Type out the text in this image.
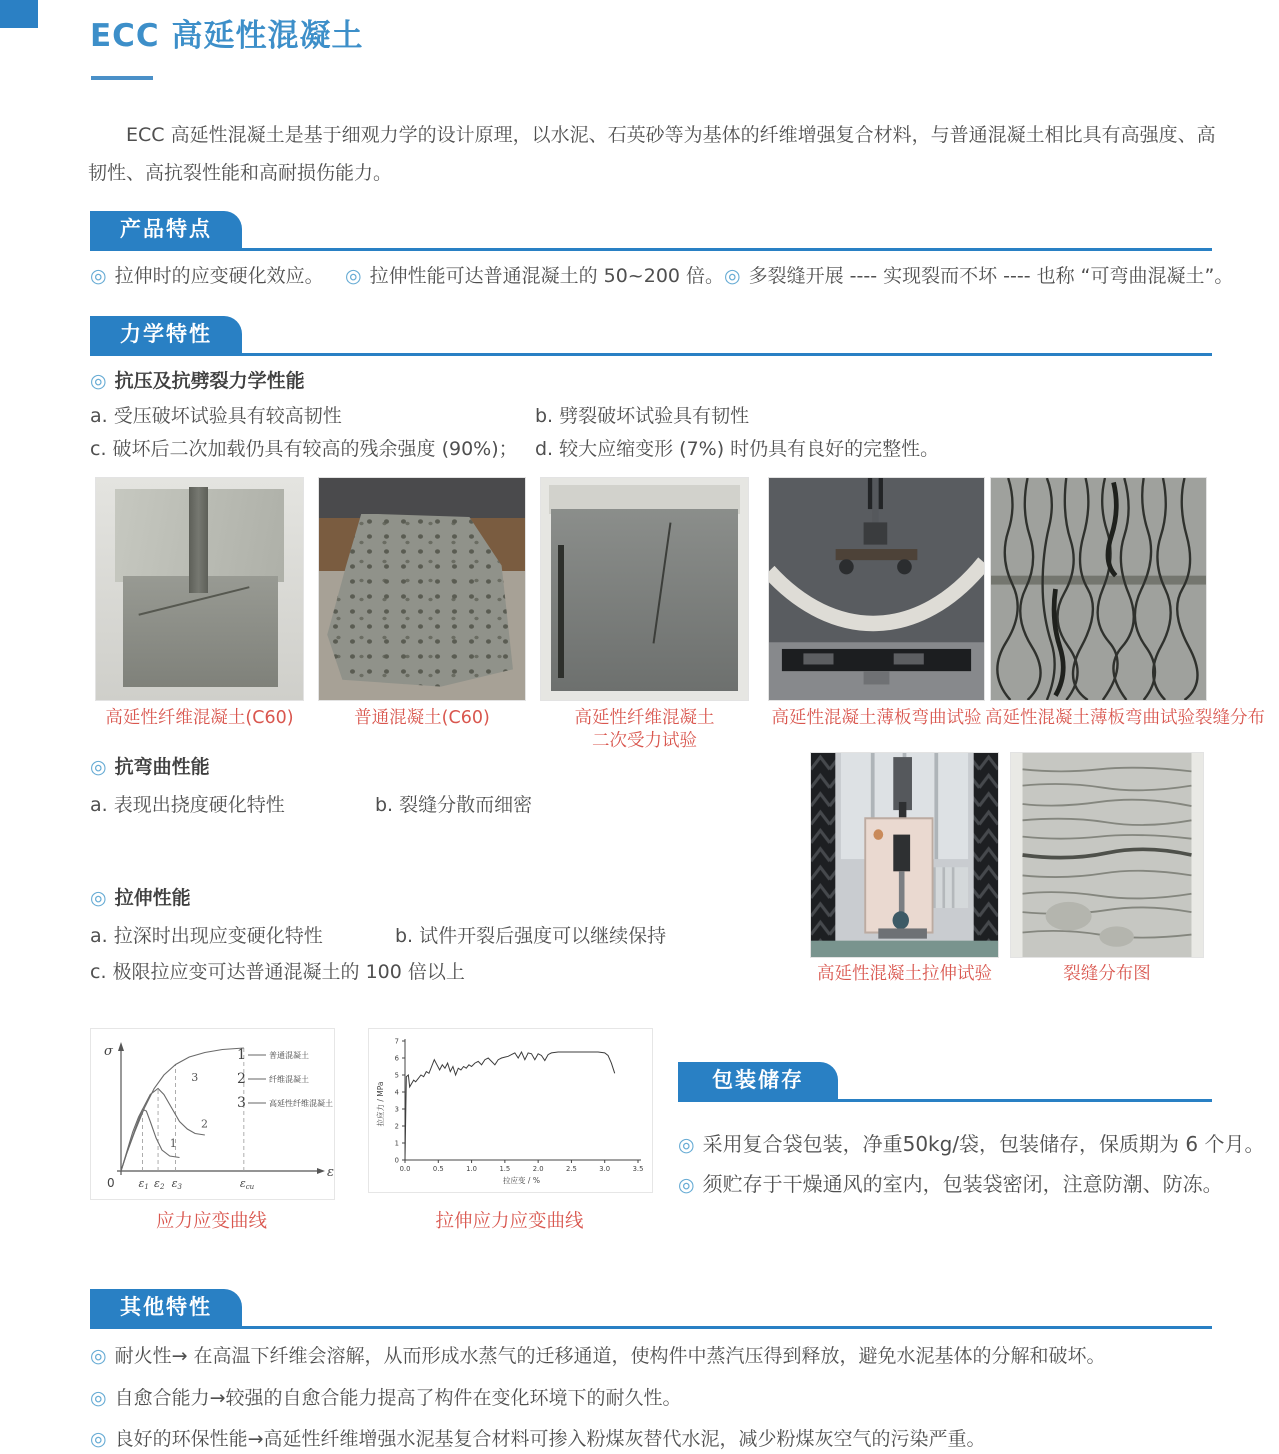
ECC 高延性混凝土

ECC 高延性混凝土是基于细观力学的设计原理，以水泥、石英砂等为基体的纤维增强复合材料，与普通混凝土相比具有高强度、高韧性、高抗裂性能和高耐损伤能力。

产品特点
◎ 拉伸时的应变硬化效应。 ◎ 拉伸性能可达普通混凝土的 50~200 倍。 ◎ 多裂缝开展 ---- 实现裂而不坏 ---- 也称 “可弯曲混凝土”。
力学特性
◎ 抗压及抗劈裂力学性能
a. 受压破坏试验具有较高韧性	b. 劈裂破坏试验具有韧性
c. 破坏后二次加载仍具有较高的残余强度 (90%)； d. 较大应缩变形 (7%) 时仍具有良好的完整性。
高延性纤维混凝土(C60)	普通混凝土(C60)	高延性纤维混凝土
二次受力试验
高延性混凝土薄板弯曲试验 高延性混凝土薄板弯曲试验裂缝分布
◎ 抗弯曲性能
a. 表现出挠度硬化特性	b. 裂缝分散而细密
高延性混凝土拉伸试验	裂缝分布图
◎ 拉伸性能
a. 拉深时出现应变硬化特性	b. 试件开裂后强度可以继续保持
c. 极限拉应变可达普通混凝土的 100 倍以上
σ
ε
0 ε1 ε2 ε3	εcu
1
2
3
1	普通混凝土
2	纤维混凝土
3	高延性纤维混凝土
0
1
2
3
4
5
6
7
0.0	0.5	1.0	1.5	2.0	2.5	3.0	3.5
拉应力 / MPa
拉应变 / %
应力应变曲线	拉伸应力应变曲线
包装储存
◎ 采用复合袋包装，净重50kg/袋，包装储存，保质期为 6 个月。
◎ 须贮存于干燥通风的室内，包装袋密闭，注意防潮、防冻。
其他特性
◎ 耐火性→ 在高温下纤维会溶解，从而形成水蒸气的迁移通道，使构件中蒸汽压得到释放，避免水泥基体的分解和破坏。
◎ 自愈合能力→较强的自愈合能力提高了构件在变化环境下的耐久性。
◎ 良好的环保性能→高延性纤维增强水泥基复合材料可掺入粉煤灰替代水泥，减少粉煤灰空气的污染严重。
